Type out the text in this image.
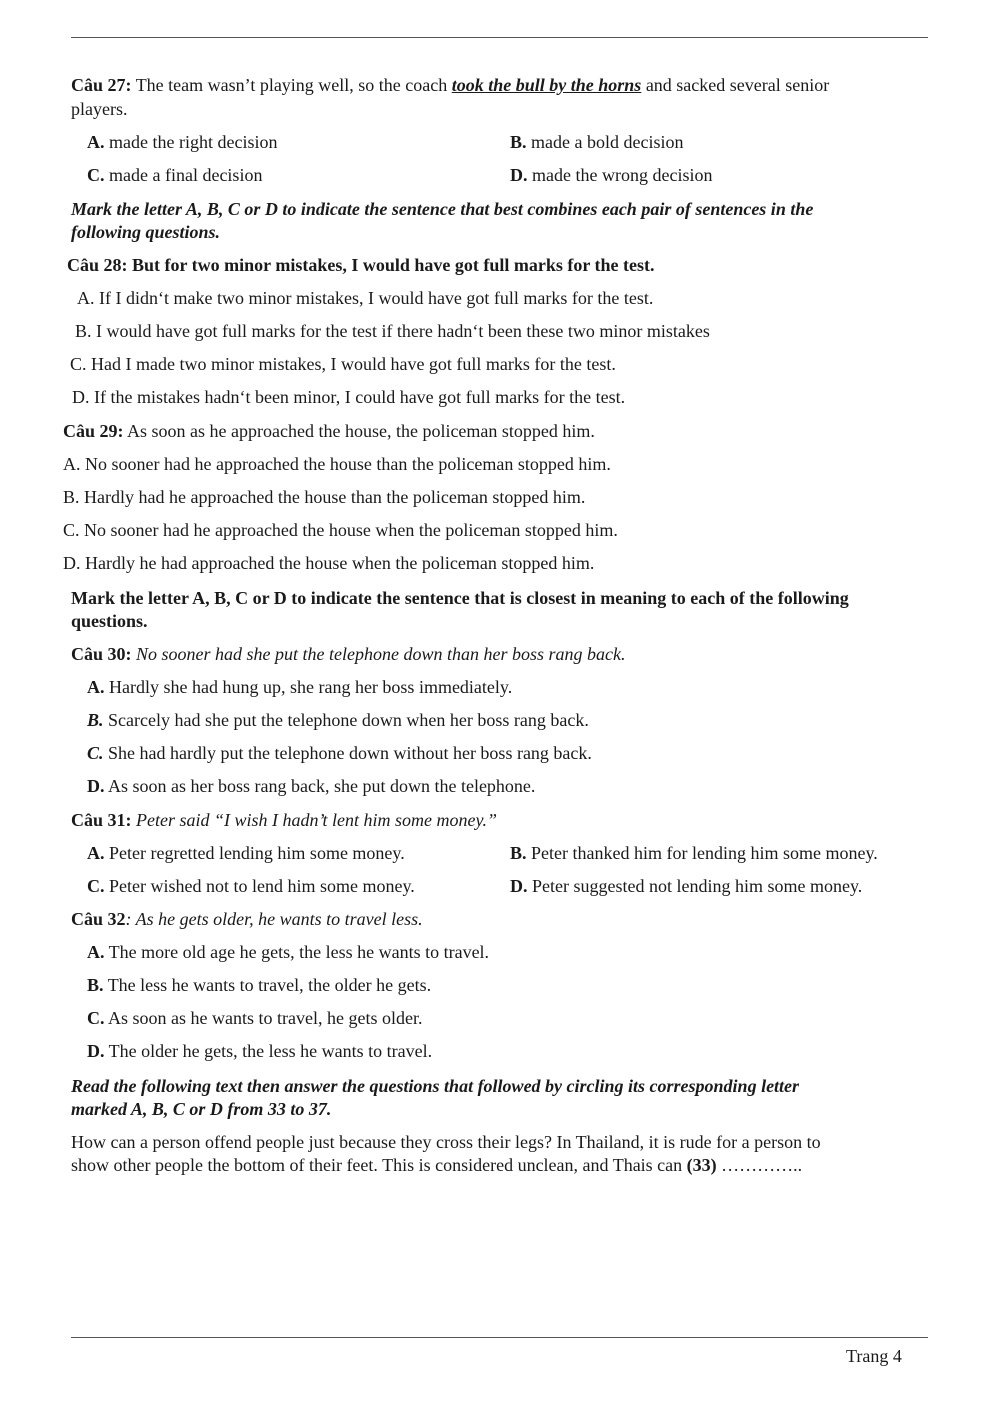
Câu 27: The team wasn’t playing well, so the coach took the bull by the horns and sacked several senior
players.
A. made the right decision	B. made a bold decision
C. made a final decision	D. made the wrong decision
Mark the letter A, B, C or D to indicate the sentence that best combines each pair of sentences in the
following questions.
Câu 28: But for two minor mistakes, I would have got full marks for the test.
A. If I didn‘t make two minor mistakes, I would have got full marks for the test.
B. I would have got full marks for the test if there hadn‘t been these two minor mistakes
C. Had I made two minor mistakes, I would have got full marks for the test.
D. If the mistakes hadn‘t been minor, I could have got full marks for the test.
Câu 29: As soon as he approached the house, the policeman stopped him.
A. No sooner had he approached the house than the policeman stopped him.
B. Hardly had he approached the house than the policeman stopped him.
C. No sooner had he approached the house when the policeman stopped him.
D. Hardly he had approached the house when the policeman stopped him.
Mark the letter A, B, C or D to indicate the sentence that is closest in meaning to each of the following
questions.
Câu 30: No sooner had she put the telephone down than her boss rang back.
A. Hardly she had hung up, she rang her boss immediately.
B. Scarcely had she put the telephone down when her boss rang back.
C. She had hardly put the telephone down without her boss rang back.
D. As soon as her boss rang back, she put down the telephone.
Câu 31: Peter said “I wish I hadn’t lent him some money.”
A. Peter regretted lending him some money.	B. Peter thanked him for lending him some money.
C. Peter wished not to lend him some money.	D. Peter suggested not lending him some money.
Câu 32: As he gets older, he wants to travel less.
A. The more old age he gets, the less he wants to travel.
B. The less he wants to travel, the older he gets.
C. As soon as he wants to travel, he gets older.
D. The older he gets, the less he wants to travel.
Read the following text then answer the questions that followed by circling its corresponding letter
marked A, B, C or D from 33 to 37.
How can a person offend people just because they cross their legs? In Thailand, it is rude for a person to
show other people the bottom of their feet. This is considered unclean, and Thais can (33) …………..
Trang 4
